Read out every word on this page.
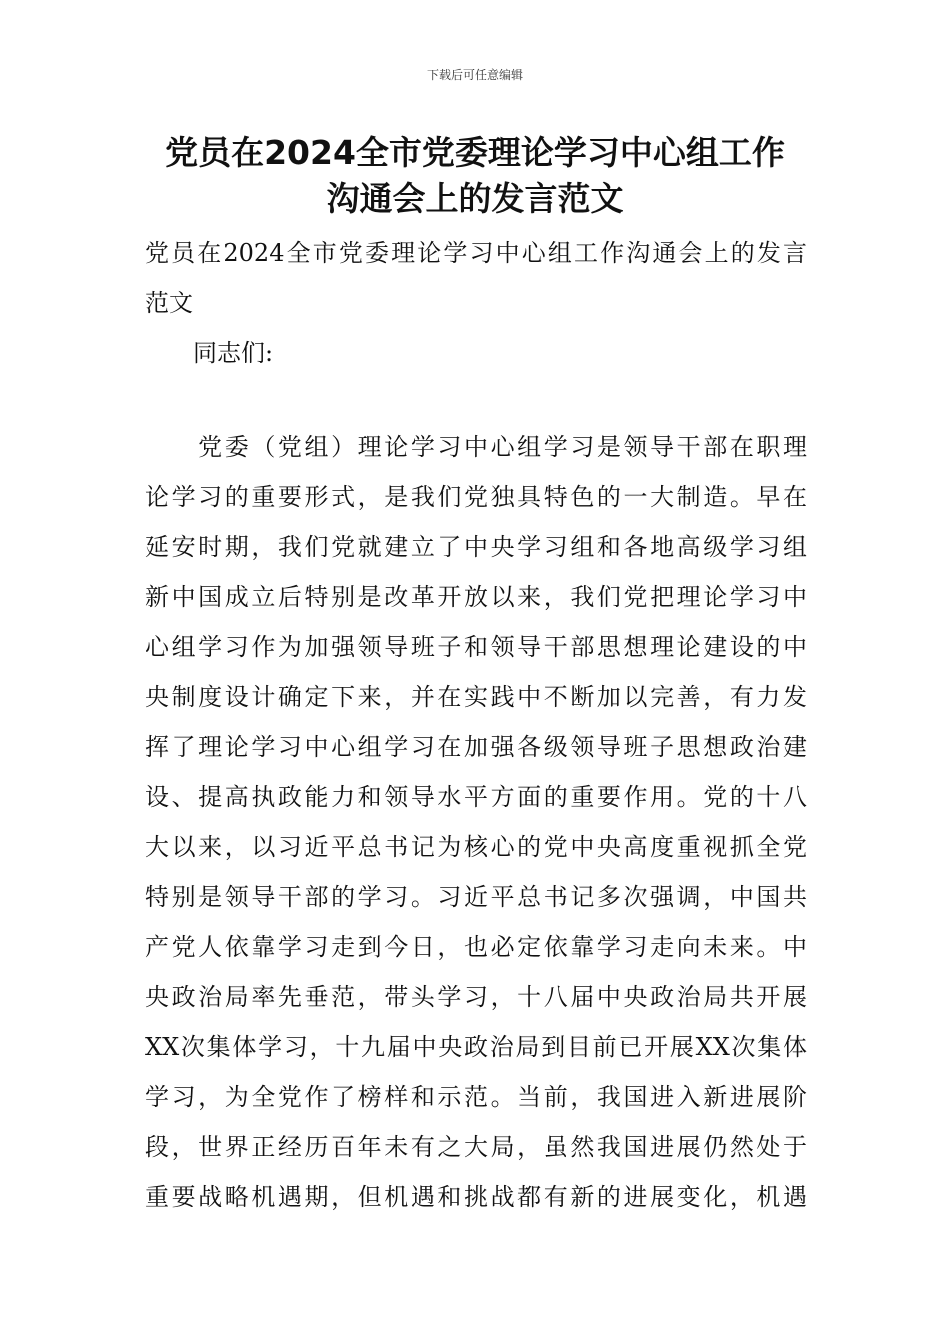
下载后可任意编辑
党员在2024全市党委理论学习中心组工作
沟通会上的发言范文
党员在2024全市党委理论学习中心组工作沟通会上的发言
范文
同志们:
　　党委（党组）理论学习中心组学习是领导干部在职理
论学习的重要形式，是我们党独具特色的一大制造。早在
延安时期，我们党就建立了中央学习组和各地高级学习组
新中国成立后特别是改革开放以来，我们党把理论学习中
心组学习作为加强领导班子和领导干部思想理论建设的中
央制度设计确定下来，并在实践中不断加以完善，有力发
挥了理论学习中心组学习在加强各级领导班子思想政治建
设、提高执政能力和领导水平方面的重要作用。党的十八
大以来，以习近平总书记为核心的党中央高度重视抓全党
特别是领导干部的学习。习近平总书记多次强调，中国共
产党人依靠学习走到今日，也必定依靠学习走向未来。中
央政治局率先垂范，带头学习，十八届中央政治局共开展
XX次集体学习，十九届中央政治局到目前已开展XX次集体
学习，为全党作了榜样和示范。当前，我国进入新进展阶
段，世界正经历百年未有之大局，虽然我国进展仍然处于
重要战略机遇期，但机遇和挑战都有新的进展变化，机遇
